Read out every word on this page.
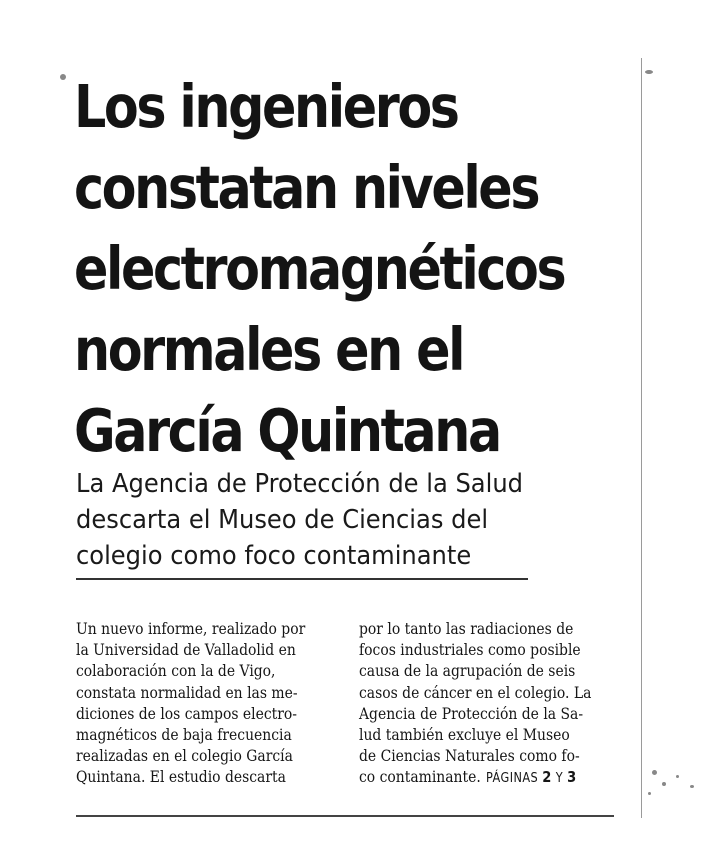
Los ingenieros
constatan niveles
electromagnéticos
normales en el
García Quintana
La Agencia de Protección de la Salud
descarta el Museo de Ciencias del
colegio como foco contaminante
Un nuevo informe, realizado por
la Universidad de Valladolid en
colaboración con la de Vigo,
constata normalidad en las me-
diciones de los campos electro-
magnéticos de baja frecuencia
realizadas en el colegio García
Quintana. El estudio descarta
por lo tanto las radiaciones de
focos industriales como posible
causa de la agrupación de seis
casos de cáncer en el colegio. La
Agencia de Protección de la Sa-
lud también excluye el Museo
de Ciencias Naturales como fo-
co contaminante. PÁGINAS 2 Y 3
